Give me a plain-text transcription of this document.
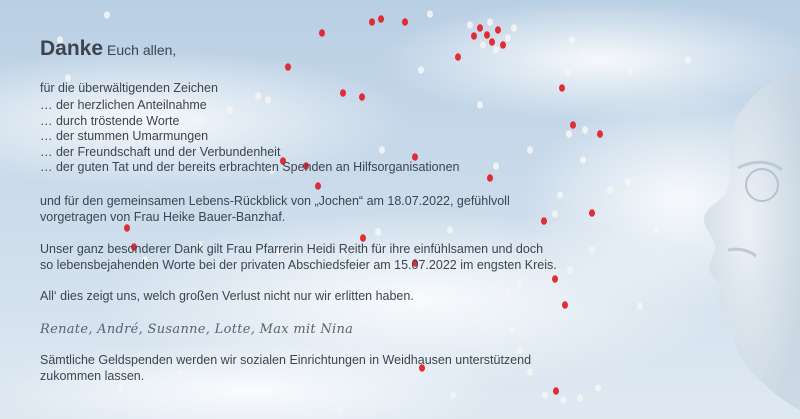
Danke Euch allen,
für die überwältigenden Zeichen
… der herzlichen Anteilnahme
… durch tröstende Worte
… der stummen Umarmungen
… der Freundschaft und der Verbundenheit
… der guten Tat und der bereits erbrachten Spenden an Hilfsorganisationen
und für den gemeinsamen Lebens-Rückblick von „Jochen“ am 18.07.2022, gefühlvoll
vorgetragen von Frau Heike Bauer-Banzhaf.
Unser ganz besonderer Dank gilt Frau Pfarrerin Heidi Reith für ihre einfühlsamen und doch
so lebensbejahenden Worte bei der privaten Abschiedsfeier am 15.07.2022 im engsten Kreis.
All‘ dies zeigt uns, welch großen Verlust nicht nur wir erlitten haben.
Renate, André, Susanne, Lotte, Max mit Nina
Sämtliche Geldspenden werden wir sozialen Einrichtungen in Weidhausen unterstützend
zukommen lassen.
